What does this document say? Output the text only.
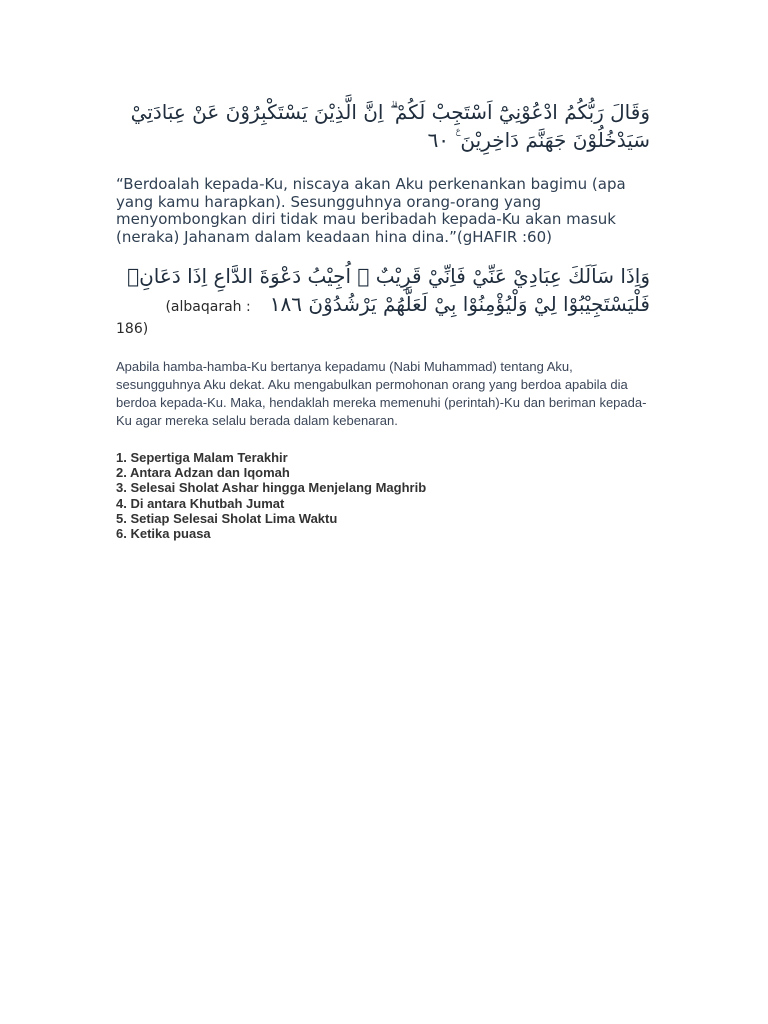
وَقَالَ رَبُّكُمُ ادْعُوْنِيْٓ اَسْتَجِبْ لَكُمْ ۗ اِنَّ الَّذِيْنَ يَسْتَكْبِرُوْنَ عَنْ عِبَادَتِيْ سَيَدْخُلُوْنَ جَهَنَّمَ دَاخِرِيْنَ ࣖ ٦٠

“Berdoalah kepada-Ku, niscaya akan Aku perkenankan bagimu (apa yang kamu harapkan). Sesungguhnya orang-orang yang menyombongkan diri tidak mau beribadah kepada-Ku akan masuk (neraka) Jahanam dalam keadaan hina dina.”(gHAFIR :60)

وَاِذَا سَاَلَكَ عِبَادِيْ عَنِّيْ فَاِنِّيْ قَرِيْبٌ ۗ اُجِيْبُ دَعْوَةَ الدَّاعِ اِذَا دَعَانِۙ فَلْيَسْتَجِيْبُوْا لِيْ وَلْيُؤْمِنُوْا بِيْ لَعَلَّهُمْ يَرْشُدُوْنَ ١٨٦   (albaqarah :

186)
Apabila hamba-hamba-Ku bertanya kepadamu (Nabi Muhammad) tentang Aku, sesungguhnya Aku dekat. Aku mengabulkan permohonan orang yang berdoa apabila dia berdoa kepada-Ku. Maka, hendaklah mereka memenuhi (perintah)-Ku dan beriman kepada-Ku agar mereka selalu berada dalam kebenaran.
1. Sepertiga Malam Terakhir
2. Antara Adzan dan Iqomah
3. Selesai Sholat Ashar hingga Menjelang Maghrib
4. Di antara Khutbah Jumat
5. Setiap Selesai Sholat Lima Waktu
6. Ketika puasa
